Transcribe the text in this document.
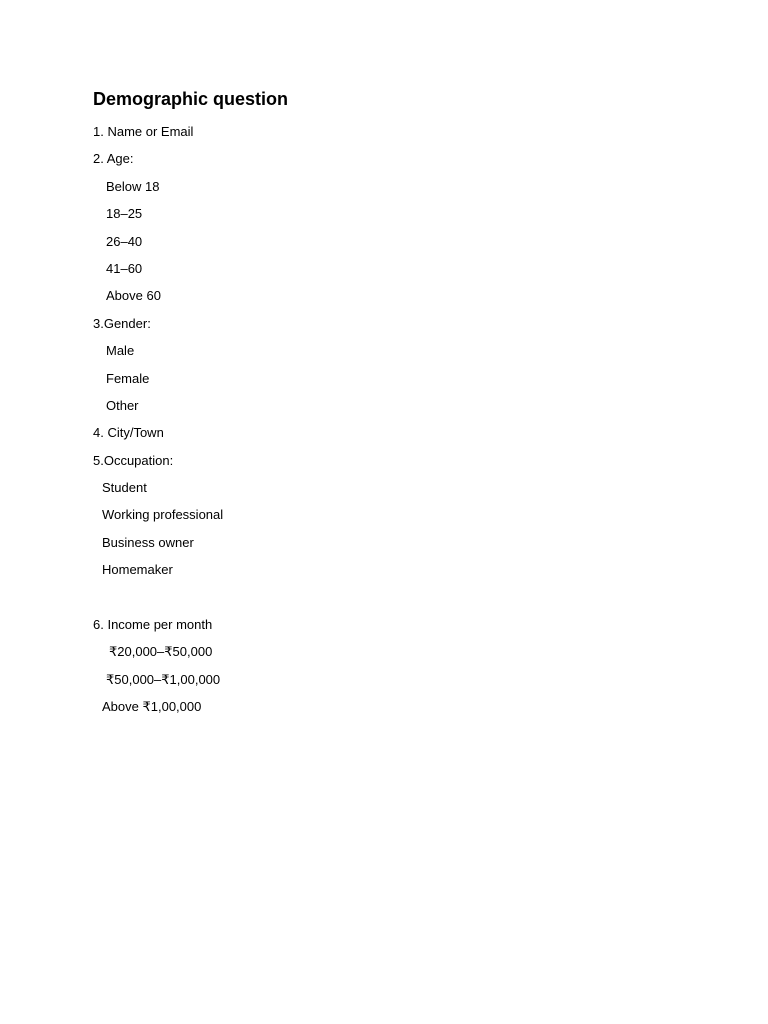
Demographic question
1. Name or Email
2. Age:
Below 18
18–25
26–40
41–60
Above 60
3.Gender:
Male
Female
Other
4. City/Town
5.Occupation:
Student
Working professional
Business owner
Homemaker
6. Income per month
₹20,000–₹50,000
₹50,000–₹1,00,000
Above ₹1,00,000
